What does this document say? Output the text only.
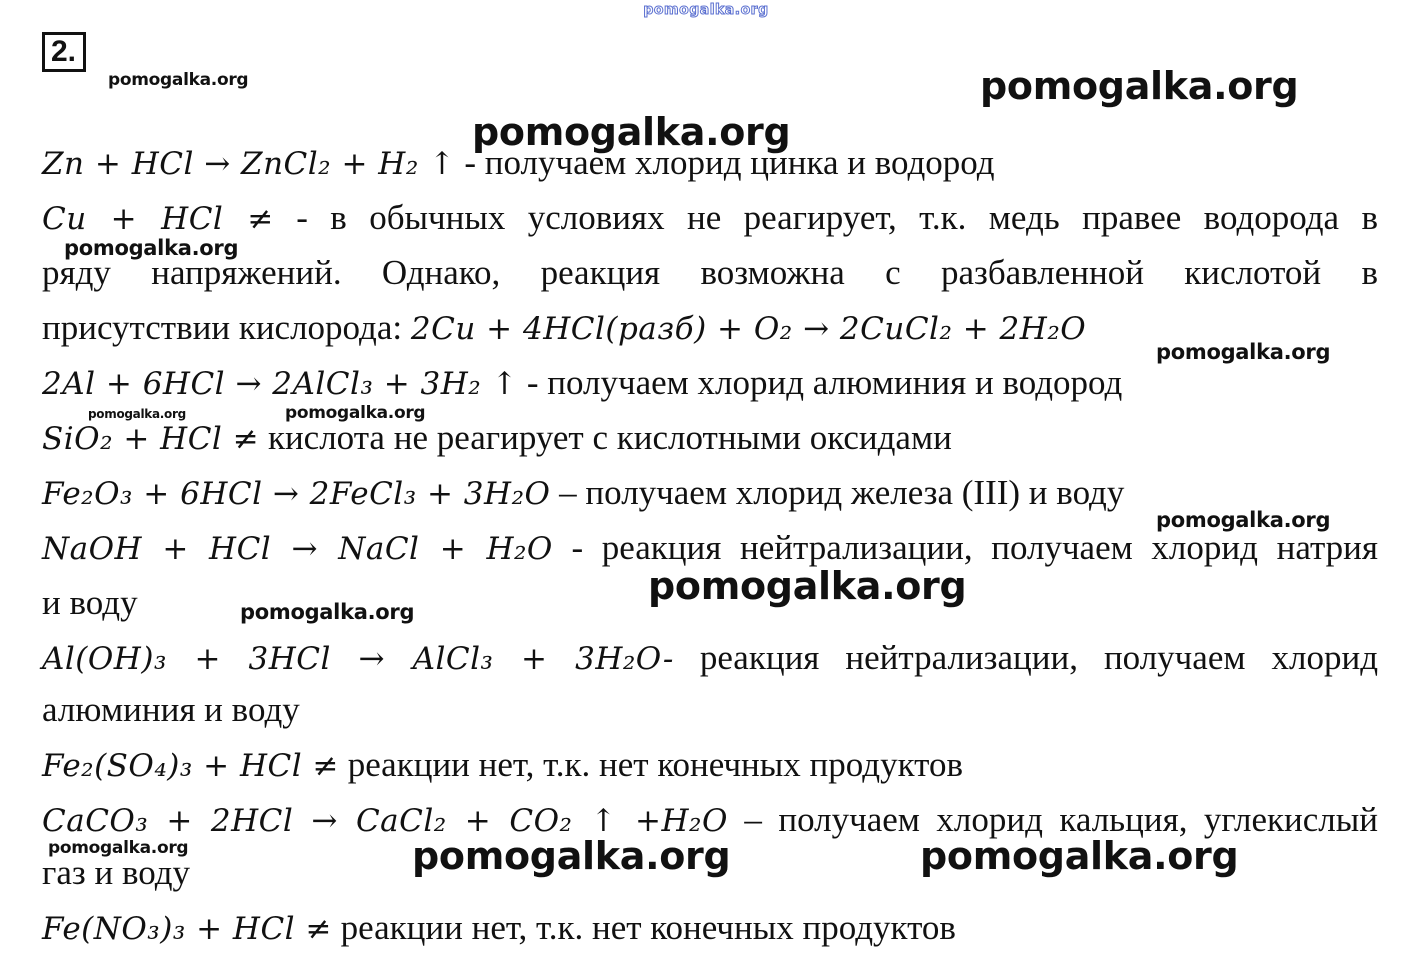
pomogalka.org
2.
pomogalka.org	pomogalka.org
pomogalka.org
pomogalka.org
pomogalka.org
pomogalka.org	pomogalka.org
pomogalka.org
pomogalka.org
pomogalka.org
pomogalka.org	pomogalka.org	pomogalka.org
Zn + HCl → ZnCl₂ + H₂ ↑ - получаем хлорид цинка и водород
Cu + HCl ≠ - в обычных условиях не реагирует, т.к. медь правее водорода в
ряду напряжений. Однако, реакция возможна с разбавленной кислотой в
присутствии кислорода: 2Cu + 4HCl(разб) + O₂ → 2CuCl₂ + 2H₂O
2Al + 6HCl → 2AlCl₃ + 3H₂ ↑ - получаем хлорид алюминия и водород
SiO₂ + HCl ≠ кислота не реагирует с кислотными оксидами
Fe₂O₃ + 6HCl → 2FeCl₃ + 3H₂O – получаем хлорид железа (III) и воду
NaOH + HCl → NaCl + H₂O - реакция нейтрализации, получаем хлорид натрия
и воду
Al(OH)₃ + 3HCl → AlCl₃ + 3H₂O- реакция нейтрализации, получаем хлорид
алюминия и воду
Fe₂(SO₄)₃ + HCl ≠ реакции нет, т.к. нет конечных продуктов
CaCO₃ + 2HCl → CaCl₂ + CO₂ ↑ +H₂O – получаем хлорид кальция, углекислый
газ и воду
Fe(NO₃)₃ + HCl ≠ реакции нет, т.к. нет конечных продуктов
